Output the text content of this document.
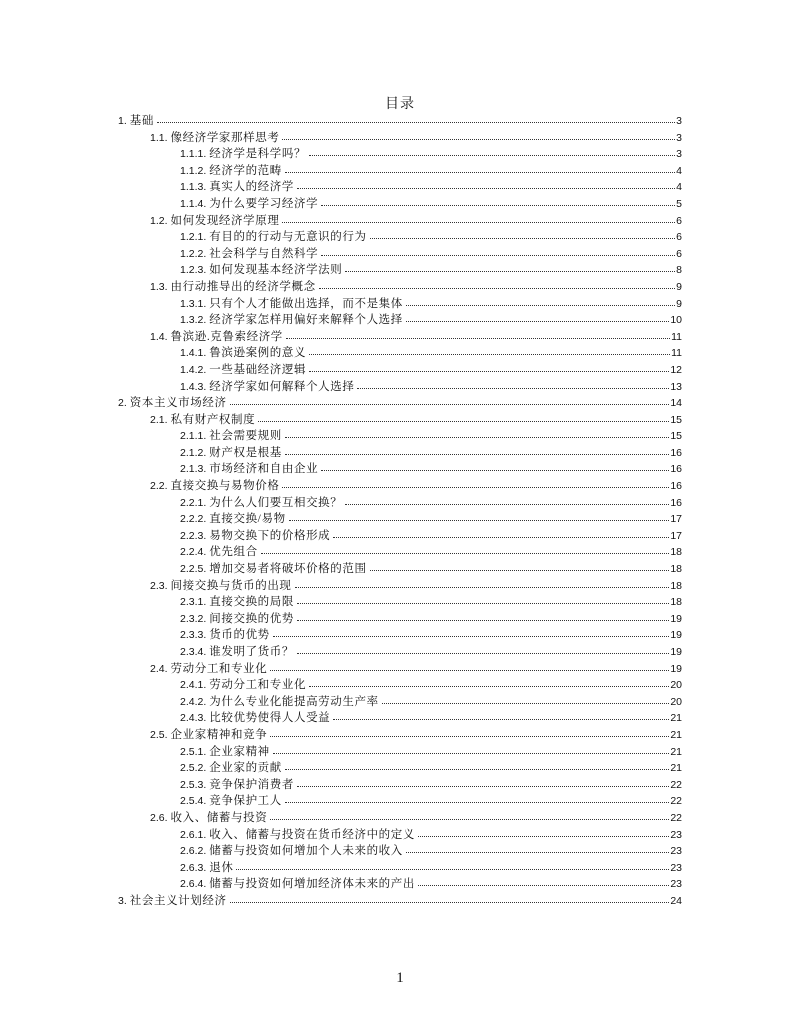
目录
1. 基础	3
1.1. 像经济学家那样思考	3
1.1.1. 经济学是科学吗？	3
1.1.2. 经济学的范畴	4
1.1.3. 真实人的经济学	4
1.1.4. 为什么要学习经济学	5
1.2. 如何发现经济学原理	6
1.2.1. 有目的的行动与无意识的行为	6
1.2.2. 社会科学与自然科学	6
1.2.3. 如何发现基本经济学法则	8
1.3. 由行动推导出的经济学概念	9
1.3.1. 只有个人才能做出选择，而不是集体	9
1.3.2. 经济学家怎样用偏好来解释个人选择	10
1.4. 鲁滨逊.克鲁索经济学	11
1.4.1. 鲁滨逊案例的意义	11
1.4.2. 一些基础经济逻辑	12
1.4.3. 经济学家如何解释个人选择	13
2. 资本主义市场经济	14
2.1. 私有财产权制度	15
2.1.1. 社会需要规则	15
2.1.2. 财产权是根基	16
2.1.3. 市场经济和自由企业	16
2.2. 直接交换与易物价格	16
2.2.1. 为什么人们要互相交换？	16
2.2.2. 直接交换/易物	17
2.2.3. 易物交换下的价格形成	17
2.2.4. 优先组合	18
2.2.5. 增加交易者将破坏价格的范围	18
2.3. 间接交换与货币的出现	18
2.3.1. 直接交换的局限	18
2.3.2. 间接交换的优势	19
2.3.3. 货币的优势	19
2.3.4. 谁发明了货币？	19
2.4. 劳动分工和专业化	19
2.4.1. 劳动分工和专业化	20
2.4.2. 为什么专业化能提高劳动生产率	20
2.4.3. 比较优势使得人人受益	21
2.5. 企业家精神和竞争	21
2.5.1. 企业家精神	21
2.5.2. 企业家的贡献	21
2.5.3. 竞争保护消费者	22
2.5.4. 竞争保护工人	22
2.6. 收入、储蓄与投资	22
2.6.1. 收入、储蓄与投资在货币经济中的定义	23
2.6.2. 储蓄与投资如何增加个人未来的收入	23
2.6.3. 退休	23
2.6.4. 储蓄与投资如何增加经济体未来的产出	23
3. 社会主义计划经济	24
1
